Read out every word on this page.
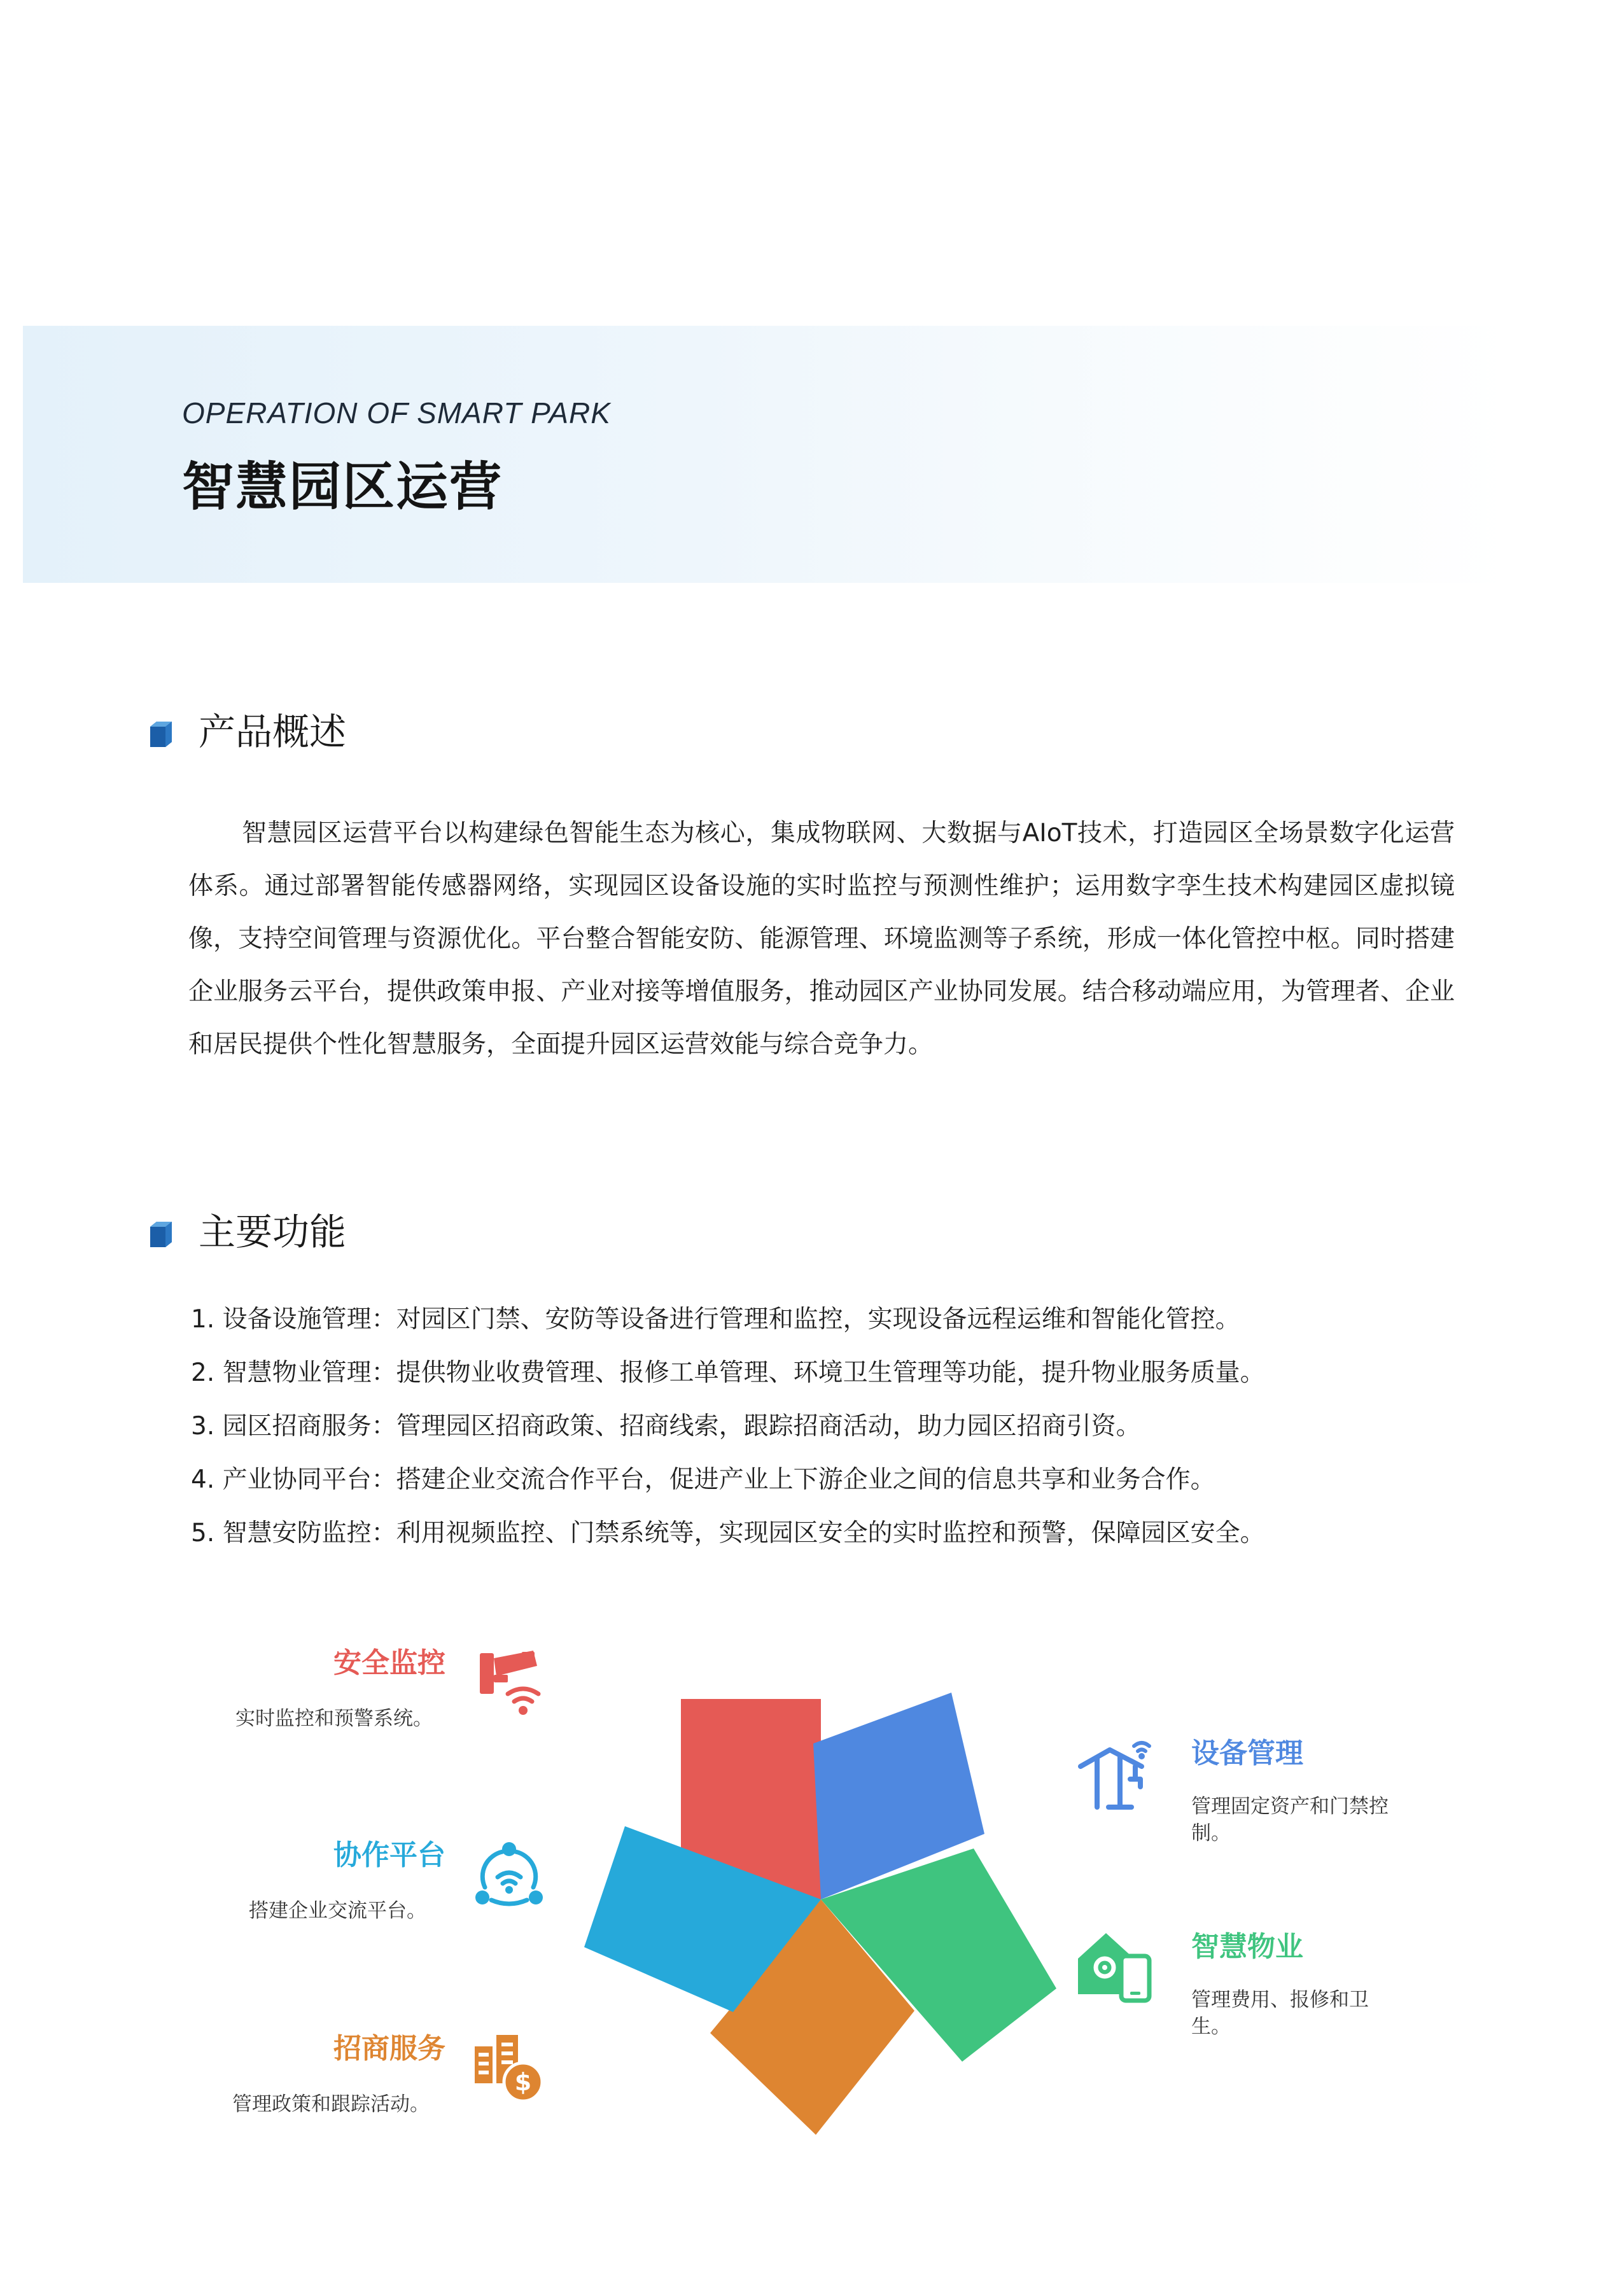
OPERATION OF SMART PARK
智慧园区运营
产品概述
智慧园区运营平台以构建绿色智能生态为核心，集成物联网、大数据与AIoT技术，打造园区全场景数字化运营体系。通过部署智能传感器网络，实现园区设备设施的实时监控与预测性维护；运用数字孪生技术构建园区虚拟镜像，支持空间管理与资源优化。平台整合智能安防、能源管理、环境监测等子系统，形成一体化管控中枢。同时搭建企业服务云平台，提供政策申报、产业对接等增值服务，推动园区产业协同发展。结合移动端应用，为管理者、企业和居民提供个性化智慧服务，全面提升园区运营效能与综合竞争力。
主要功能
1. 设备设施管理：对园区门禁、安防等设备进行管理和监控，实现设备远程运维和智能化管控。
2. 智慧物业管理：提供物业收费管理、报修工单管理、环境卫生管理等功能，提升物业服务质量。
3. 园区招商服务：管理园区招商政策、招商线索，跟踪招商活动，助力园区招商引资。
4. 产业协同平台：搭建企业交流合作平台，促进产业上下游企业之间的信息共享和业务合作。
5. 智慧安防监控：利用视频监控、门禁系统等，实现园区安全的实时监控和预警，保障园区安全。
安全监控
实时监控和预警系统。
协作平台
搭建企业交流平台。
招商服务
管理政策和跟踪活动。
设备管理
管理固定资产和门禁控制。
智慧物业
管理费用、报修和卫生。
$
